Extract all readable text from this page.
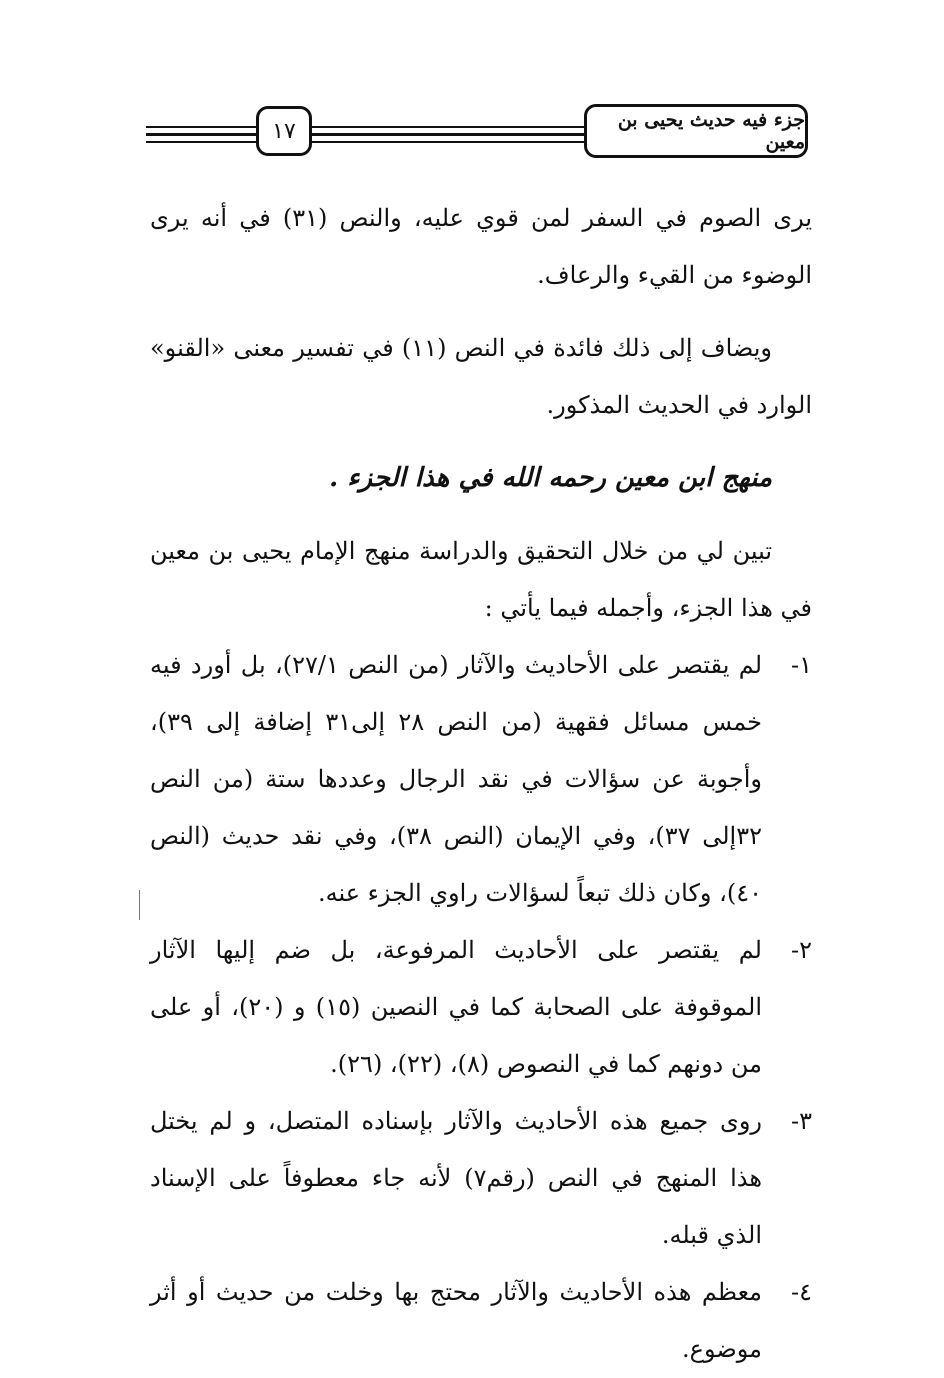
١٧	جزء فيه حديث يحيى بن معين

يرى الصوم في السفر لمن قوي عليه، والنص (٣١) في أنه يرى الوضوء من القيء والرعاف.

ويضاف إلى ذلك فائدة في النص (١١) في تفسير معنى «القنو» الوارد في الحديث المذكور.

منهج ابن معين رحمه الله في هذا الجزء .

تبين لي من خلال التحقيق والدراسة منهج الإمام يحيى بن معين في هذا الجزء، وأجمله فيما يأتي :

١-
لم يقتصر على الأحاديث والآثار (من النص ٢٧/١)، بل أورد فيه خمس مسائل فقهية (من النص ٢٨ إلى٣١ إضافة إلى ٣٩)، وأجوبة عن سؤالات في نقد الرجال وعددها ستة (من النص ٣٢إلى ٣٧)، وفي الإيمان (النص ٣٨)، وفي نقد حديث (النص ٤٠)، وكان ذلك تبعاً لسؤالات راوي الجزء عنه.
٢-
لم يقتصر على الأحاديث المرفوعة، بل ضم إليها الآثار الموقوفة على الصحابة كما في النصين (١٥) و (٢٠)، أو على من دونهم كما في النصوص (٨)، (٢٢)، (٢٦).
٣-
روى جميع هذه الأحاديث والآثار بإسناده المتصل، و لم يختل هذا المنهج في النص (رقم٧) لأنه جاء معطوفاً على الإسناد الذي قبله.
٤-
معظم هذه الأحاديث والآثار محتج بها وخلت من حديث أو أثر موضوع.
